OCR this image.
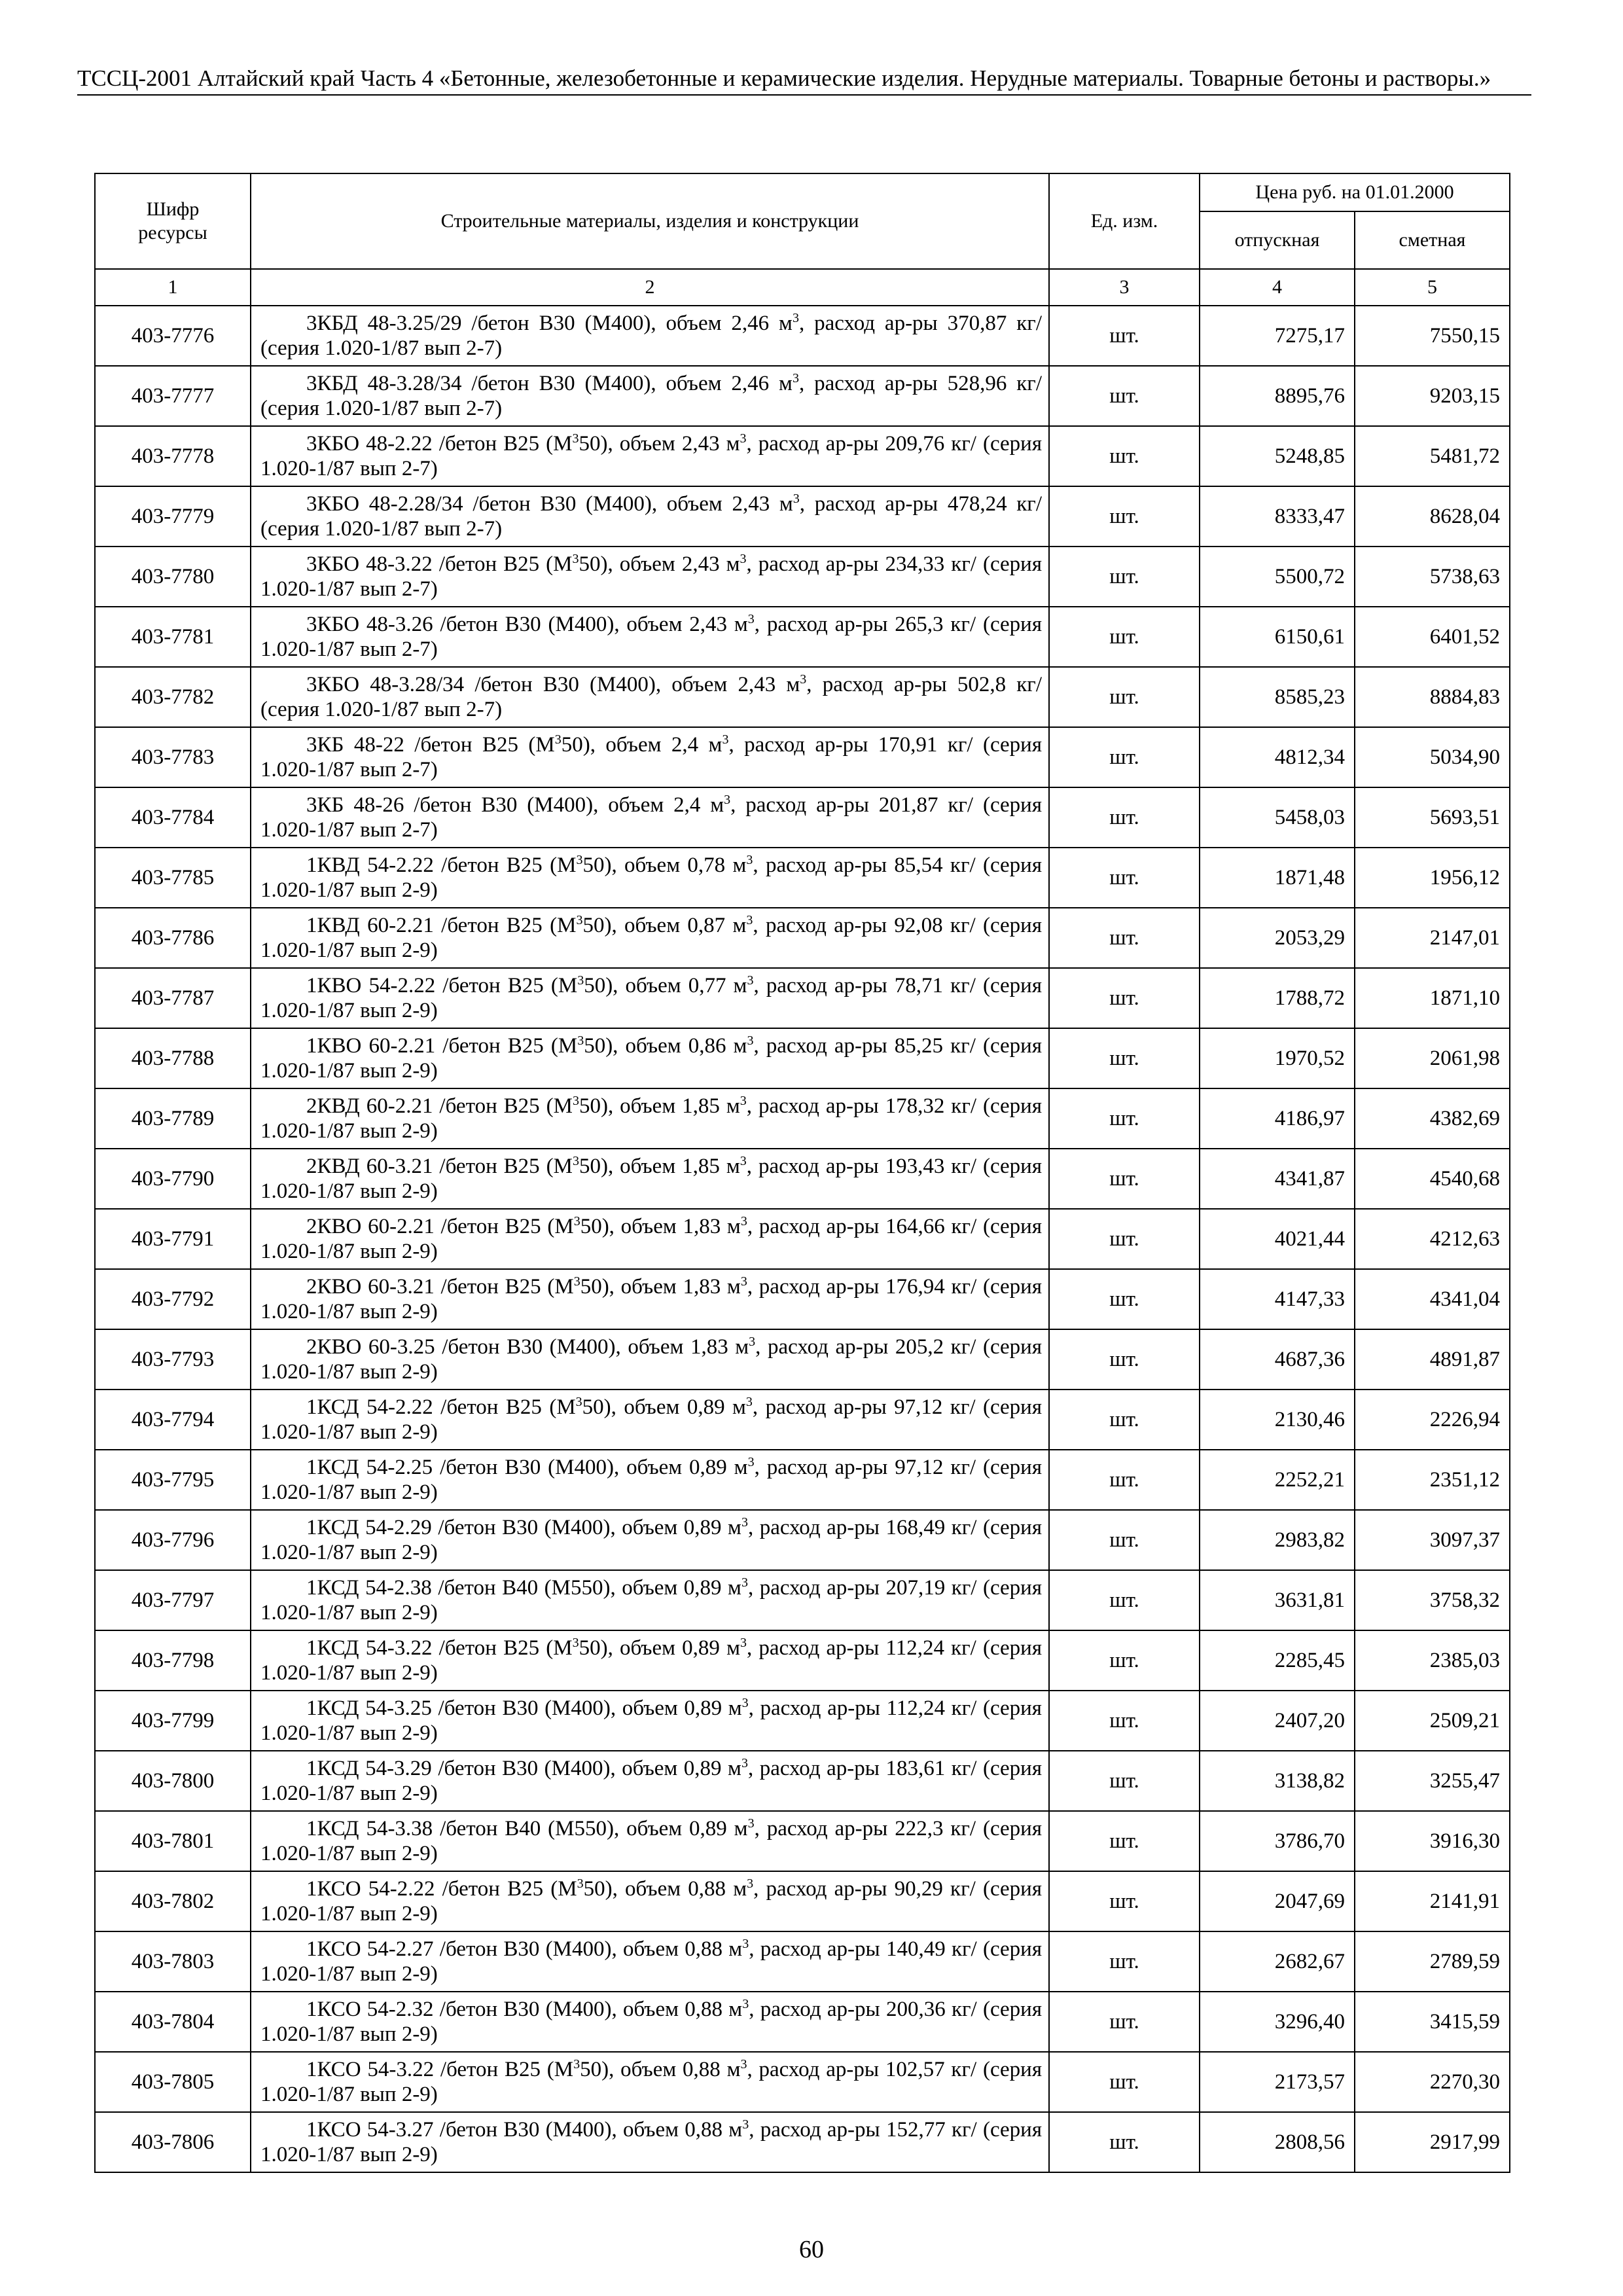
ТССЦ-2001 Алтайский край Часть 4 «Бетонные, железобетонные и керамические изделия. Нерудные материалы. Товарные бетоны и растворы.»
Шифр ресурсы	Строительные материалы, изделия и конструкции	Ед. изм.	Цена руб. на 01.01.2000	
			отпускная	сметная
1	2	3	4	5
403-7776	3КБД 48-3.25/29 /бетон В30 (М400), объем 2,46 $м^3$, расход ар-ры 370,87 кг/ (серия 1.020-1/87 вып 2-7)	шт.	7275,17	7550,15
403-7777	3КБД 48-3.28/34 /бетон В30 (М400), объем 2,46 $м^3$, расход ар-ры 528,96 кг/ (серия 1.020-1/87 вып 2-7)	шт.	8895,76	9203,15
403-7778	3КБО 48-2.22 /бетон В25 $(М^350)$, объем 2,43 $м^3$, расход ар-ры 209,76 кг/ (серия 1.020-1/87 вып 2-7)	шт.	5248,85	5481,72
403-7779	3КБО 48-2.28/34 /бетон В30 (М400), объем 2,43 $м^3$, расход ар-ры 478,24 кг/ (серия 1.020-1/87 вып 2-7)	шт.	8333,47	8628,04
403-7780	3КБО 48-3.22 /бетон В25 $(М^350)$, объем 2,43 $м^3$, расход ар-ры 234,33 кг/ (серия 1.020-1/87 вып 2-7)	шт.	5500,72	5738,63
403-7781	3КБО 48-3.26 /бетон В30 (М400), объем 2,43 $м^3$, расход ар-ры 265,3 кг/ (серия 1.020-1/87 вып 2-7)	шт.	6150,61	6401,52
403-7782	3КБО 48-3.28/34 /бетон В30 (М400), объем 2,43 $м^3$, расход ар-ры 502,8 кг/ (серия 1.020-1/87 вып 2-7)	шт.	8585,23	8884,83
403-7783	3КБ 48-22 /бетон В25 $(М^350)$, объем 2,4 $м^3$, расход ар-ры 170,91 кг/ (серия 1.020-1/87 вып 2-7)	шт.	4812,34	5034,90
403-7784	3КБ 48-26 /бетон В30 (М400), объем 2,4 $м^3$, расход ар-ры 201,87 кг/ (серия 1.020-1/87 вып 2-7)	шт.	5458,03	5693,51
403-7785	1КВД 54-2.22 /бетон В25 $(М^350)$, объем 0,78 $м^3$, расход ар-ры 85,54 кг/ (серия 1.020-1/87 вып 2-9)	шт.	1871,48	1956,12
403-7786	1КВД 60-2.21 /бетон В25 $(М^350)$, объем 0,87 $м^3$, расход ар-ры 92,08 кг/ (серия 1.020-1/87 вып 2-9)	шт.	2053,29	2147,01
403-7787	1КВО 54-2.22 /бетон В25 $(М^350)$, объем 0,77 $м^3$, расход ар-ры 78,71 кг/ (серия 1.020-1/87 вып 2-9)	шт.	1788,72	1871,10
403-7788	1КВО 60-2.21 /бетон В25 $(М^350)$, объем 0,86 $м^3$, расход ар-ры 85,25 кг/ (серия 1.020-1/87 вып 2-9)	шт.	1970,52	2061,98
403-7789	2КВД 60-2.21 /бетон В25 $(М^350)$, объем 1,85 $м^3$, расход ар-ры 178,32 кг/ (серия 1.020-1/87 вып 2-9)	шт.	4186,97	4382,69
403-7790	2КВД 60-3.21 /бетон В25 $(М^350)$, объем 1,85 $м^3$, расход ар-ры 193,43 кг/ (серия 1.020-1/87 вып 2-9)	шт.	4341,87	4540,68
403-7791	2КВО 60-2.21 /бетон В25 $(М^350)$, объем 1,83 $м^3$, расход ар-ры 164,66 кг/ (серия 1.020-1/87 вып 2-9)	шт.	4021,44	4212,63
403-7792	2КВО 60-3.21 /бетон В25 $(М^350)$, объем 1,83 $м^3$, расход ар-ры 176,94 кг/ (серия 1.020-1/87 вып 2-9)	шт.	4147,33	4341,04
403-7793	2КВО 60-3.25 /бетон В30 (М400), объем 1,83 $м^3$, расход ар-ры 205,2 кг/ (серия 1.020-1/87 вып 2-9)	шт.	4687,36	4891,87
403-7794	1КСД 54-2.22 /бетон В25 $(М^350)$, объем 0,89 $м^3$, расход ар-ры 97,12 кг/ (серия 1.020-1/87 вып 2-9)	шт.	2130,46	2226,94
403-7795	1КСД 54-2.25 /бетон В30 (М400), объем 0,89 $м^3$, расход ар-ры 97,12 кг/ (серия 1.020-1/87 вып 2-9)	шт.	2252,21	2351,12
403-7796	1КСД 54-2.29 /бетон В30 (М400), объем 0,89 $м^3$, расход ар-ры 168,49 кг/ (серия 1.020-1/87 вып 2-9)	шт.	2983,82	3097,37
403-7797	1КСД 54-2.38 /бетон В40 (М550), объем 0,89 $м^3$, расход ар-ры 207,19 кг/ (серия 1.020-1/87 вып 2-9)	шт.	3631,81	3758,32
403-7798	1КСД 54-3.22 /бетон В25 $(М^350)$, объем 0,89 $м^3$, расход ар-ры 112,24 кг/ (серия 1.020-1/87 вып 2-9)	шт.	2285,45	2385,03
403-7799	1КСД 54-3.25 /бетон В30 (М400), объем 0,89 $м^3$, расход ар-ры 112,24 кг/ (серия 1.020-1/87 вып 2-9)	шт.	2407,20	2509,21
403-7800	1КСД 54-3.29 /бетон В30 (М400), объем 0,89 $м^3$, расход ар-ры 183,61 кг/ (серия 1.020-1/87 вып 2-9)	шт.	3138,82	3255,47
403-7801	1КСД 54-3.38 /бетон В40 (М550), объем 0,89 $м^3$, расход ар-ры 222,3 кг/ (серия 1.020-1/87 вып 2-9)	шт.	3786,70	3916,30
403-7802	1КСО 54-2.22 /бетон В25 $(М^350)$, объем 0,88 $м^3$, расход ар-ры 90,29 кг/ (серия 1.020-1/87 вып 2-9)	шт.	2047,69	2141,91
403-7803	1КСО 54-2.27 /бетон В30 (М400), объем 0,88 $м^3$, расход ар-ры 140,49 кг/ (серия 1.020-1/87 вып 2-9)	шт.	2682,67	2789,59
403-7804	1КСО 54-2.32 /бетон В30 (М400), объем 0,88 $м^3$, расход ар-ры 200,36 кг/ (серия 1.020-1/87 вып 2-9)	шт.	3296,40	3415,59
403-7805	1КСО 54-3.22 /бетон В25 $(М^350)$, объем 0,88 $м^3$, расход ар-ры 102,57 кг/ (серия 1.020-1/87 вып 2-9)	шт.	2173,57	2270,30
403-7806	1КСО 54-3.27 /бетон В30 (М400), объем 0,88 $м^3$, расход ар-ры 152,77 кг/ (серия 1.020-1/87 вып 2-9)	шт.	2808,56	2917,99
60
